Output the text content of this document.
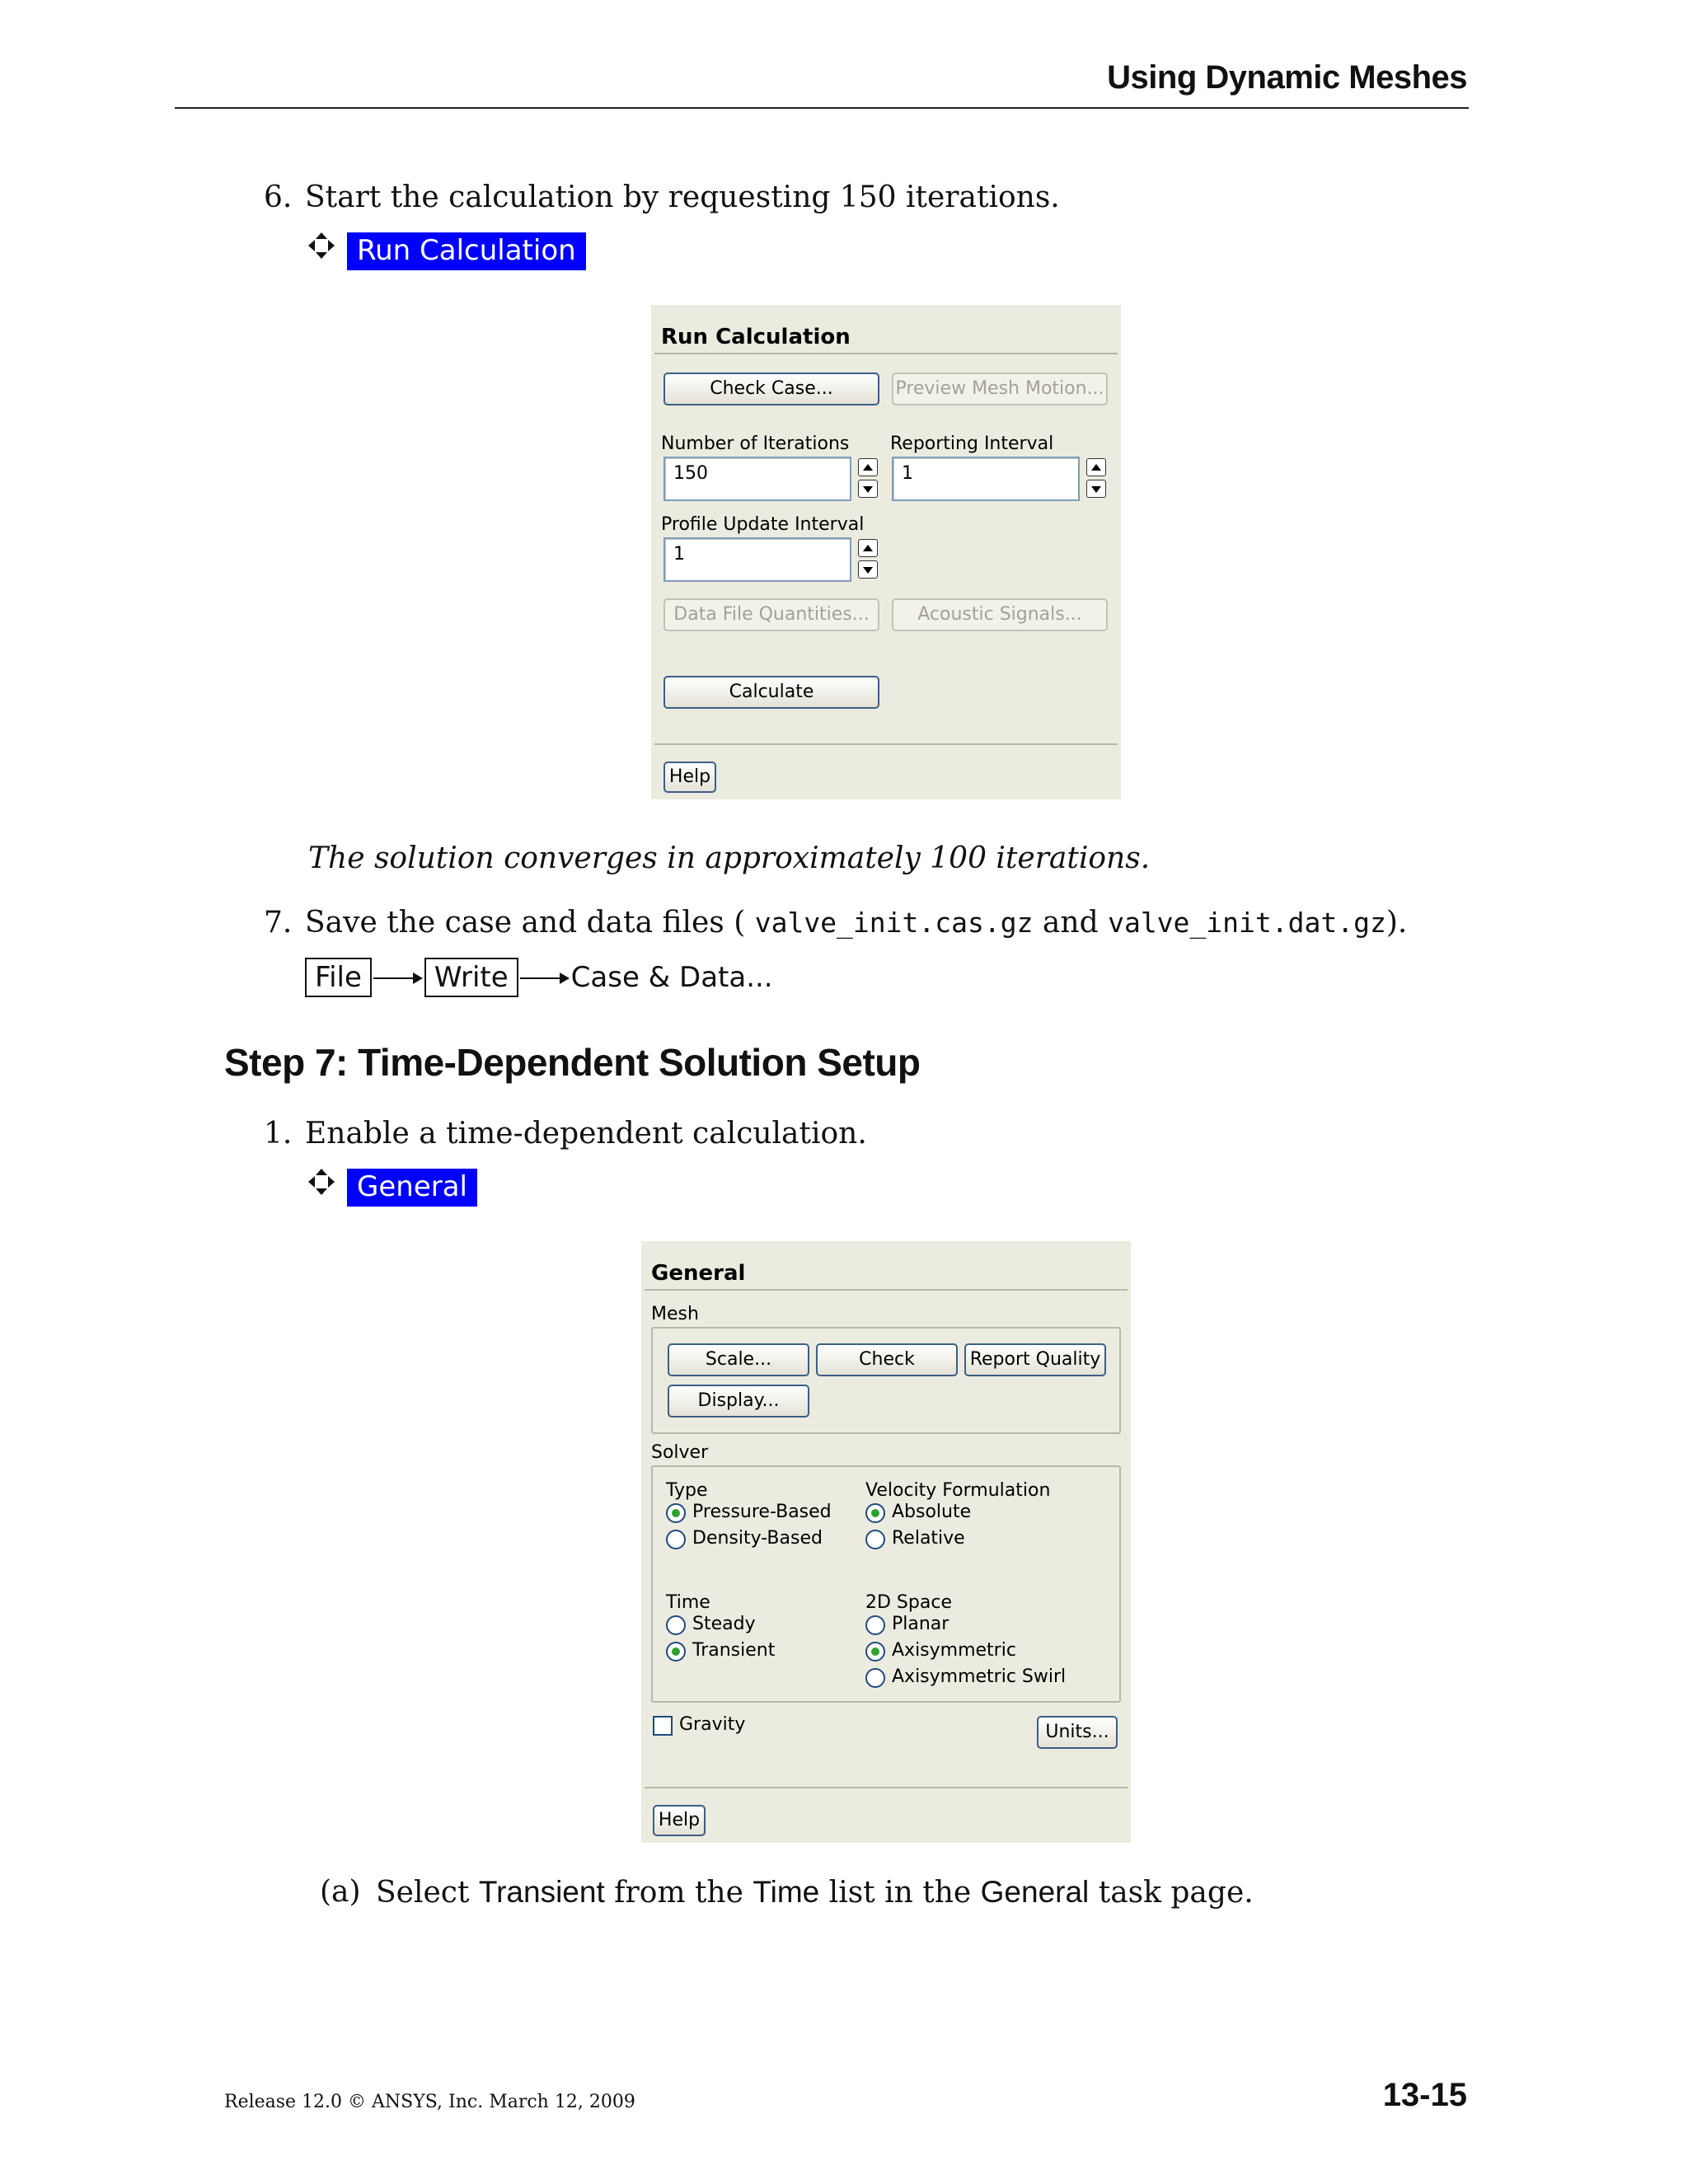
Using Dynamic Meshes
6. Start the calculation by requesting 150 iterations.
Run Calculation
Run Calculation
Check Case...	Preview Mesh Motion...
Number of Iterations
150
Reporting Interval
1
Profile Update Interval
1
Data File Quantities...	Acoustic Signals...
Calculate
Help
The solution converges in approximately 100 iterations.
7. Save the case and data files ( valve_init.cas.gz and valve_init.dat.gz).
File	Write	Case & Data...
Step 7: Time-Dependent Solution Setup
1. Enable a time-dependent calculation.
General
General
Mesh
Scale...	Check	Report Quality
Display...
Solver
Type
Pressure-Based
Density-Based
Velocity Formulation
Absolute
Relative
Time
Steady
Transient
2D Space
Planar
Axisymmetric
Axisymmetric Swirl
Gravity	Units...
Help
(a) Select Transient from the Time list in the General task page.
Release 12.0 © ANSYS, Inc. March 12, 2009	13-15
